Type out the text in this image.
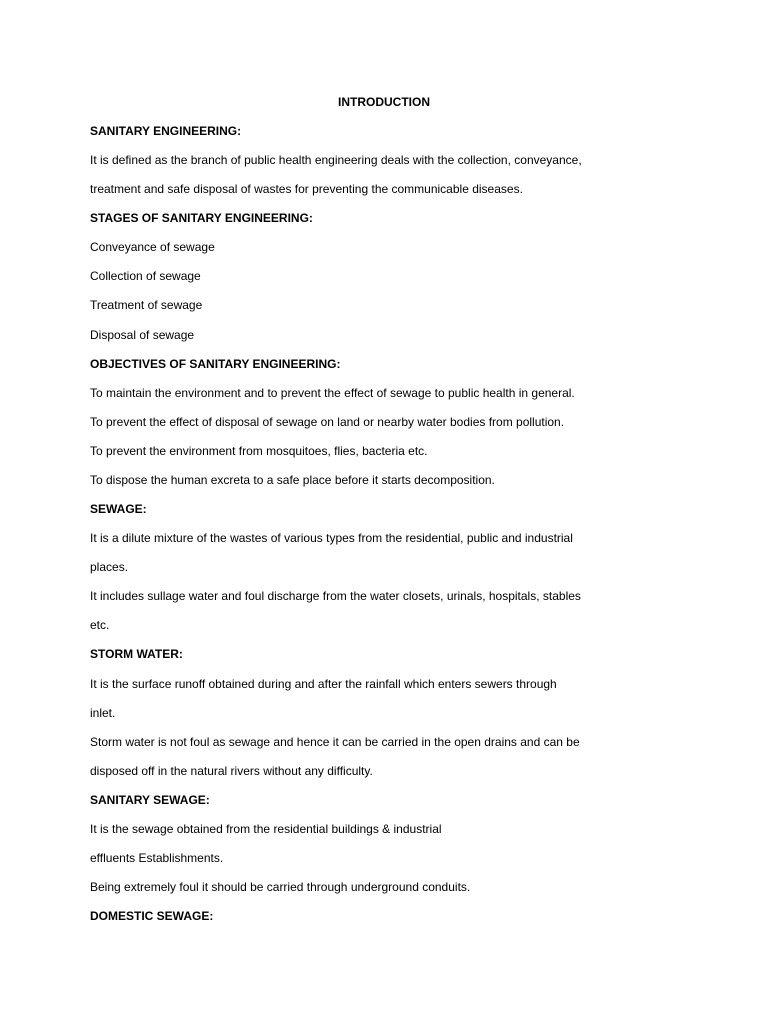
INTRODUCTION
SANITARY ENGINEERING:
It is defined as the branch of public health engineering deals with the collection, conveyance,
treatment and safe disposal of wastes for preventing the communicable diseases.
STAGES OF SANITARY ENGINEERING:
Conveyance of sewage
Collection of sewage
Treatment of sewage
Disposal of sewage
OBJECTIVES OF SANITARY ENGINEERING:
To maintain the environment and to prevent the effect of sewage to public health in general.
To prevent the effect of disposal of sewage on land or nearby water bodies from pollution.
To prevent the environment from mosquitoes, flies, bacteria etc.
To dispose the human excreta to a safe place before it starts decomposition.
SEWAGE:
It is a dilute mixture of the wastes of various types from the residential, public and industrial
places.
It includes sullage water and foul discharge from the water closets, urinals, hospitals, stables
etc.
STORM WATER:
It is the surface runoff obtained during and after the rainfall which enters sewers through
inlet.
Storm water is not foul as sewage and hence it can be carried in the open drains and can be
disposed off in the natural rivers without any difficulty.
SANITARY SEWAGE:
It is the sewage obtained from the residential buildings & industrial
effluents Establishments.
Being extremely foul it should be carried through underground conduits.
DOMESTIC SEWAGE:
